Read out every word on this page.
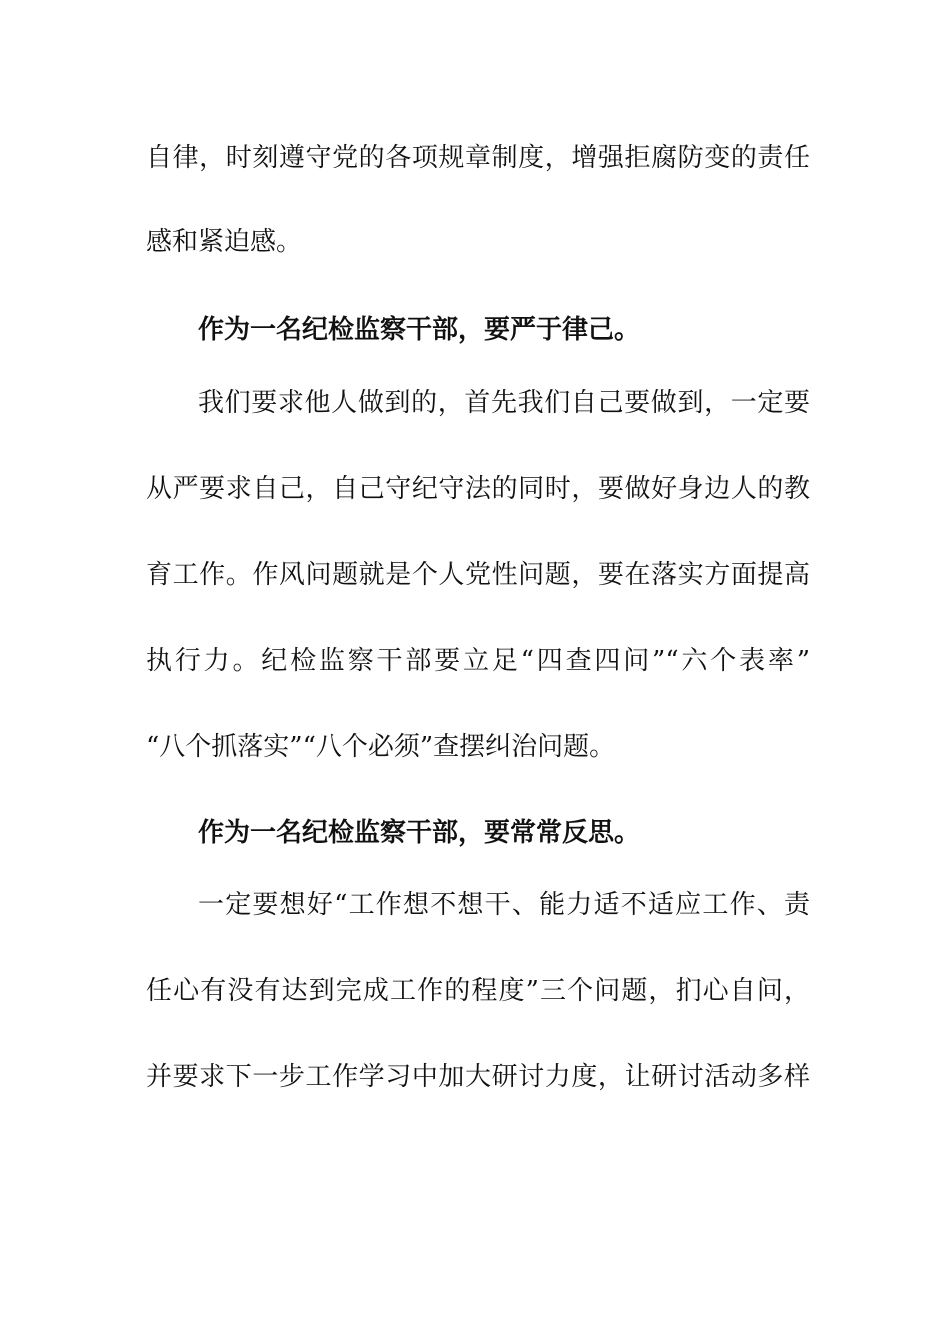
自律，时刻遵守党的各项规章制度，增强拒腐防变的责任
感和紧迫感。
作为一名纪检监察干部，要严于律己。
我们要求他人做到的，首先我们自己要做到，一定要
从严要求自己，自己守纪守法的同时，要做好身边人的教
育工作。作风问题就是个人党性问题，要在落实方面提高
执行力。纪检监察干部要立足“四查四问”“六个表率”
“八个抓落实”“八个必须”查摆纠治问题。
作为一名纪检监察干部，要常常反思。
一定要想好“工作想不想干、能力适不适应工作、责
任心有没有达到完成工作的程度”三个问题，扪心自问，
并要求下一步工作学习中加大研讨力度，让研讨活动多样
